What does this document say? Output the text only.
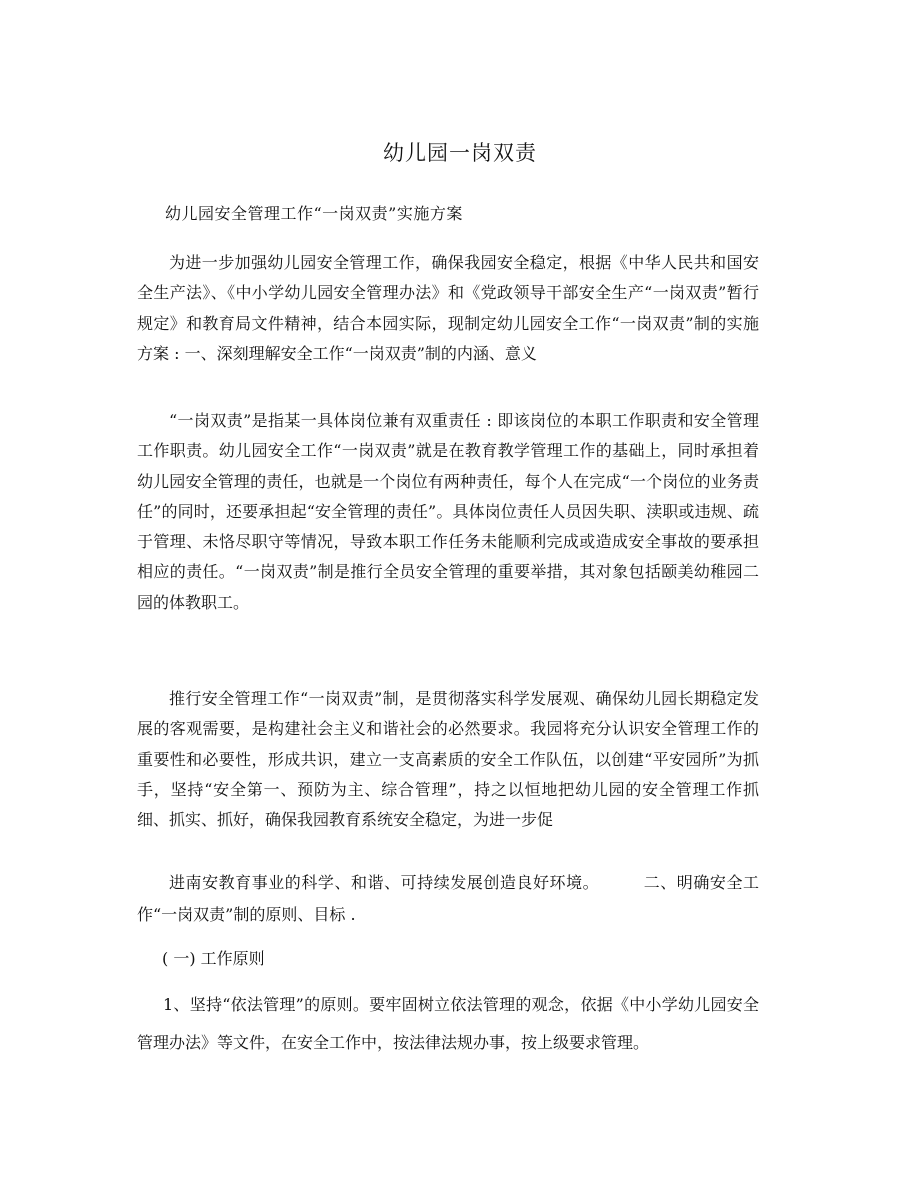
幼儿园一岗双责
幼儿园安全管理工作“一岗双责”实施方案
为进一步加强幼儿园安全管理工作，确保我园安全稳定，根据《中华人民共和国安全生产法》、《中小学幼儿园安全管理办法》和《党政领导干部安全生产“一岗双责”暂行规定》和教育局文件精神，结合本园实际，现制定幼儿园安全工作“一岗双责”制的实施方案 : 一、深刻理解安全工作“一岗双责”制的内涵、意义
“一岗双责”是指某一具体岗位兼有双重责任 : 即该岗位的本职工作职责和安全管理工作职责。幼儿园安全工作“一岗双责”就是在教育教学管理工作的基础上，同时承担着幼儿园安全管理的责任，也就是一个岗位有两种责任，每个人在完成“一个岗位的业务责任”的同时，还要承担起“安全管理的责任”。具体岗位责任人员因失职、渎职或违规、疏于管理、未恪尽职守等情况，导致本职工作任务未能顺利完成或造成安全事故的要承担相应的责任。“一岗双责”制是推行全员安全管理的重要举措，其对象包括颐美幼稚园二园的体教职工。
推行安全管理工作“一岗双责”制，是贯彻落实科学发展观、确保幼儿园长期稳定发展的客观需要，是构建社会主义和谐社会的必然要求。我园将充分认识安全管理工作的重要性和必要性，形成共识，建立一支高素质的安全工作队伍，以创建“平安园所”为抓手，坚持“安全第一、预防为主、综合管理”，持之以恒地把幼儿园的安全管理工作抓细、抓实、抓好，确保我园教育系统安全稳定，为进一步促
进南安教育事业的科学、和谐、可持续发展创造良好环境。	二、明确安全工作“一岗双责”制的原则、目标 .
( 一) 工作原则
1、坚持“依法管理”的原则。要牢固树立依法管理的观念，依据《中小学幼儿园安全管理办法》等文件，在安全工作中，按法律法规办事，按上级要求管理。
